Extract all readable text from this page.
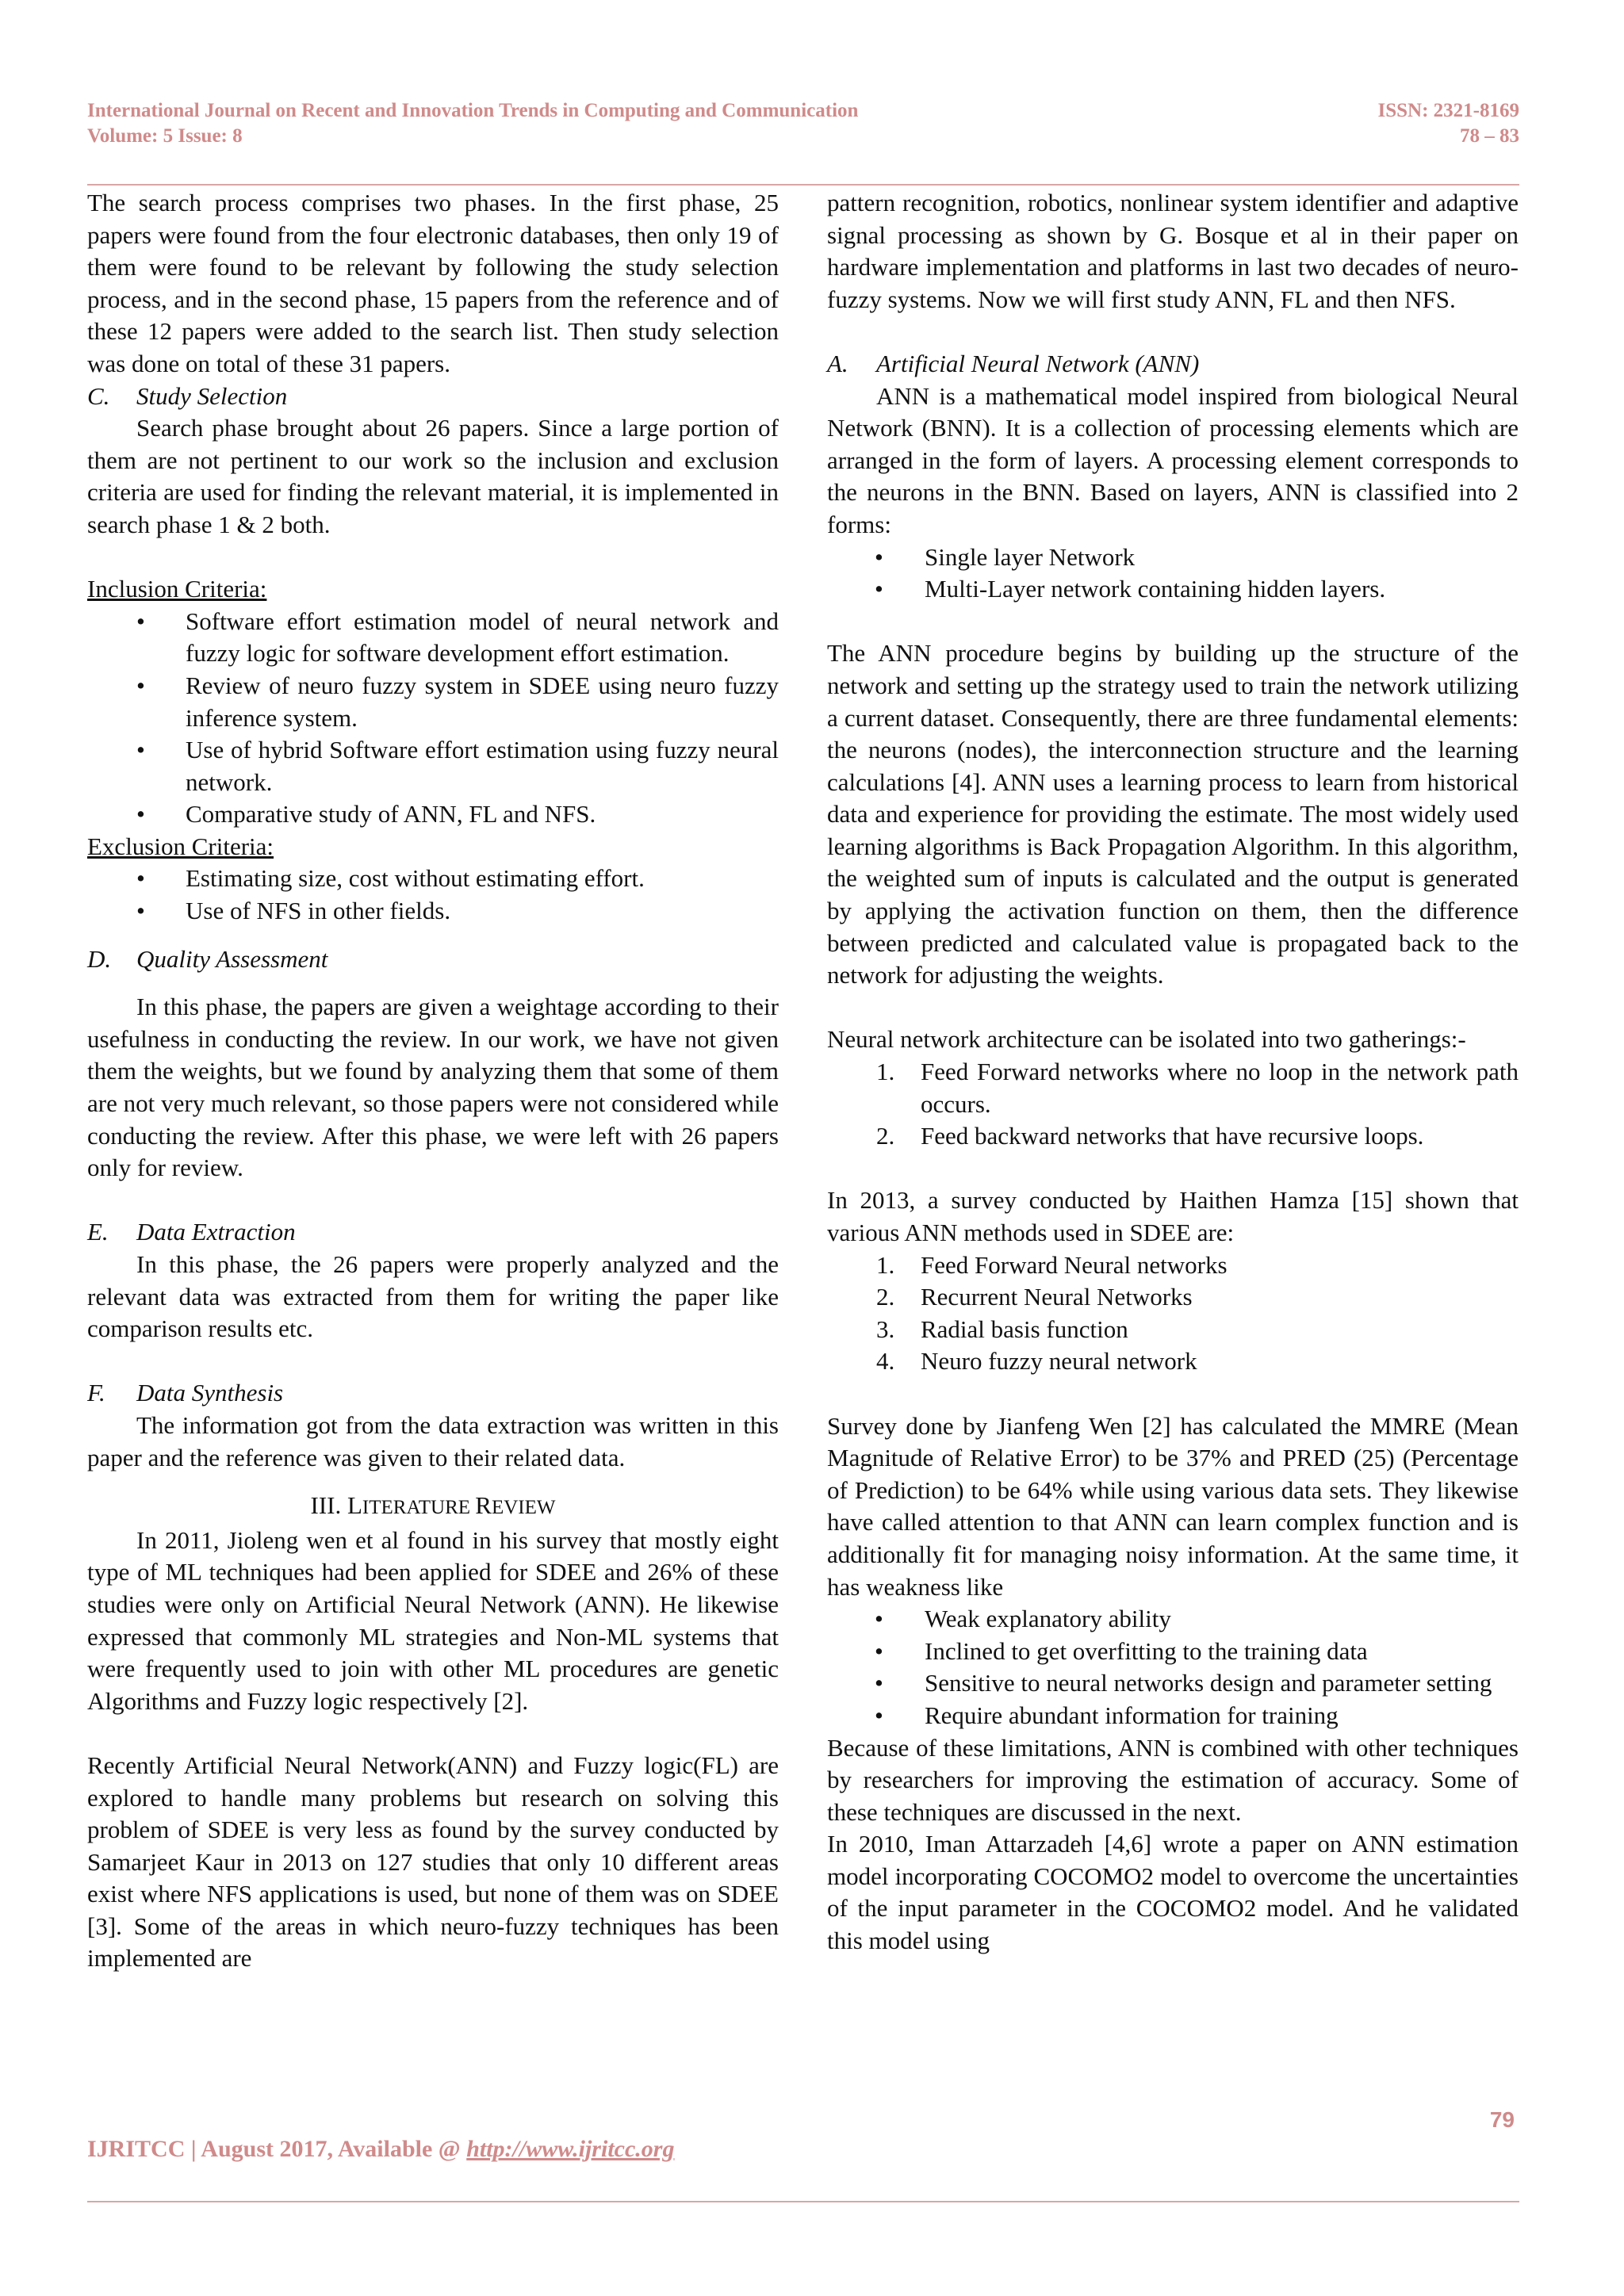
International Journal on Recent and Innovation Trends in Computing and Communication
Volume: 5 Issue: 8
ISSN: 2321-8169
78 – 83

The search process comprises two phases. In the first phase, 25 papers were found from the four electronic databases, then only 19 of them were found to be relevant by following the study selection process, and in the second phase, 15 papers from the reference and of these 12 papers were added to the search list. Then study selection was done on total of these 31 papers.

C. Study Selection

Search phase brought about 26 papers. Since a large portion of them are not pertinent to our work so the inclusion and exclusion criteria are used for finding the relevant material, it is implemented in search phase 1 & 2 both.

Inclusion Criteria:
• Software effort estimation model of neural network and fuzzy logic for software development effort estimation.
• Review of neuro fuzzy system in SDEE using neuro fuzzy inference system.
• Use of hybrid Software effort estimation using fuzzy neural network.
• Comparative study of ANN, FL and NFS.
Exclusion Criteria:
• Estimating size, cost without estimating effort.
• Use of NFS in other fields.

D. Quality Assessment

In this phase, the papers are given a weightage according to their usefulness in conducting the review. In our work, we have not given them the weights, but we found by analyzing them that some of them are not very much relevant, so those papers were not considered while conducting the review. After this phase, we were left with 26 papers only for review.

E. Data Extraction

In this phase, the 26 papers were properly analyzed and the relevant data was extracted from them for writing the paper like comparison results etc.

F. Data Synthesis

The information got from the data extraction was written in this paper and the reference was given to their related data.

III. LITERATURE REVIEW

In 2011, Jioleng wen et al found in his survey that mostly eight type of ML techniques had been applied for SDEE and 26% of these studies were only on Artificial Neural Network (ANN). He likewise expressed that commonly ML strategies and Non-ML systems that were frequently used to join with other ML procedures are genetic Algorithms and Fuzzy logic respectively [2].

Recently Artificial Neural Network(ANN) and Fuzzy logic(FL) are explored to handle many problems but research on solving this problem of SDEE is very less as found by the survey conducted by Samarjeet Kaur in 2013 on 127 studies that only 10 different areas exist where NFS applications is used, but none of them was on SDEE [3]. Some of the areas in which neuro-fuzzy techniques has been implemented are

pattern recognition, robotics, nonlinear system identifier and adaptive signal processing as shown by G. Bosque et al in their paper on hardware implementation and platforms in last two decades of neuro-fuzzy systems. Now we will first study ANN, FL and then NFS.

A. Artificial Neural Network (ANN)

ANN is a mathematical model inspired from biological Neural Network (BNN). It is a collection of processing elements which are arranged in the form of layers. A processing element corresponds to the neurons in the BNN. Based on layers, ANN is classified into 2 forms:

• Single layer Network
• Multi-Layer network containing hidden layers.

The ANN procedure begins by building up the structure of the network and setting up the strategy used to train the network utilizing a current dataset. Consequently, there are three fundamental elements: the neurons (nodes), the interconnection structure and the learning calculations [4]. ANN uses a learning process to learn from historical data and experience for providing the estimate. The most widely used learning algorithms is Back Propagation Algorithm. In this algorithm, the weighted sum of inputs is calculated and the output is generated by applying the activation function on them, then the difference between predicted and calculated value is propagated back to the network for adjusting the weights.

Neural network architecture can be isolated into two gatherings:-

1. Feed Forward networks where no loop in the network path occurs.
2. Feed backward networks that have recursive loops.

In 2013, a survey conducted by Haithen Hamza [15] shown that various ANN methods used in SDEE are:

1. Feed Forward Neural networks
2. Recurrent Neural Networks
3. Radial basis function
4. Neuro fuzzy neural network

Survey done by Jianfeng Wen [2] has calculated the MMRE (Mean Magnitude of Relative Error) to be 37% and PRED (25) (Percentage of Prediction) to be 64% while using various data sets. They likewise have called attention to that ANN can learn complex function and is additionally fit for managing noisy information. At the same time, it has weakness like

• Weak explanatory ability
• Inclined to get overfitting to the training data
• Sensitive to neural networks design and parameter setting
• Require abundant information for training

Because of these limitations, ANN is combined with other techniques by researchers for improving the estimation of accuracy. Some of these techniques are discussed in the next.

In 2010, Iman Attarzadeh [4,6] wrote a paper on ANN estimation model incorporating COCOMO2 model to overcome the uncertainties of the input parameter in the COCOMO2 model. And he validated this model using

79
IJRITCC | August 2017, Available @ http://www.ijritcc.org
